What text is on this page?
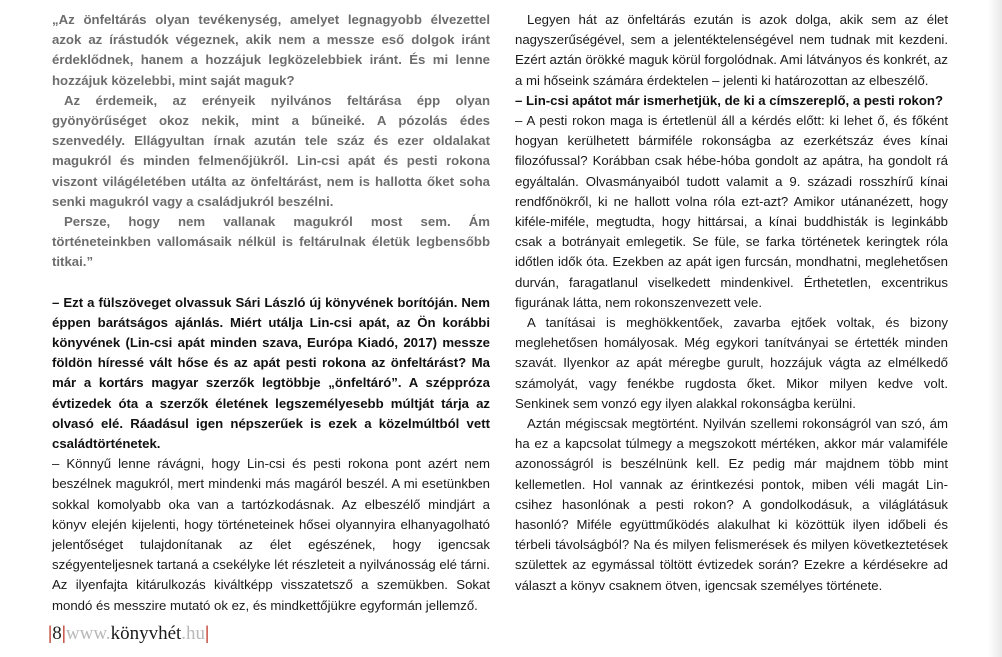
„Az önfeltárás olyan tevékenység, amelyet legnagyobb élvezettel azok az írástudók végeznek, akik nem a messze eső dolgok iránt érdeklődnek, hanem a hozzájuk legközelebbiek iránt. És mi lenne hozzájuk közelebbi, mint saját maguk?

Az érdemeik, az erényeik nyilvános feltárása épp olyan gyönyörűséget okoz nekik, mint a bűneiké. A pózolás édes szenvedély. Ellágyultan írnak azután tele száz és ezer oldalakat magukról és minden felmenőjükről. Lin-csi apát és pesti rokona viszont világéletében utálta az önfeltárást, nem is hallotta őket soha senki magukról vagy a családjukról beszélni.

Persze, hogy nem vallanak magukról most sem. Ám történeteinkben vallomásaik nélkül is feltárulnak életük legbensőbb titkai.”

– Ezt a fülszöveget olvassuk Sári László új könyvének borítóján. Nem éppen barátságos ajánlás. Miért utálja Lin-csi apát, az Ön korábbi könyvének (Lin-csi apát minden szava, Európa Kiadó, 2017) messze földön híressé vált hőse és az apát pesti rokona az önfeltárást? Ma már a kortárs magyar szerzők legtöbbje „önfeltáró”. A széppróza évtizedek óta a szerzők életének legszemélyesebb múltját tárja az olvasó elé. Ráadásul igen népszerűek is ezek a közelmúltból vett családtörténetek.

– Könnyű lenne rávágni, hogy Lin-csi és pesti rokona pont azért nem beszélnek magukról, mert mindenki más magáról beszél. A mi esetünkben sokkal komolyabb oka van a tartózkodásnak. Az elbeszélő mindjárt a könyv elején kijelenti, hogy történeteinek hősei olyannyira elhanyagolható jelentőséget tulajdonítanak az élet egészének, hogy igencsak szégyenteljesnek tartaná a csekélyke lét részleteit a nyilvánosság elé tárni. Az ilyenfajta kitárulkozás kiváltképp visszatetsző a szemükben. Sokat mondó és messzire mutató ok ez, és mindkettőjükre egyformán jellemző.

Legyen hát az önfeltárás ezután is azok dolga, akik sem az élet nagyszerűségével, sem a jelentéktelenségével nem tudnak mit kezdeni. Ezért aztán örökké maguk körül forgolódnak. Ami látványos és konkrét, az a mi hőseink számára érdektelen – jelenti ki határozottan az elbeszélő.

– Lin-csi apátot már ismerhetjük, de ki a címszereplő, a pesti rokon?

– A pesti rokon maga is értetlenül áll a kérdés előtt: ki lehet ő, és főként hogyan kerülhetett bármiféle rokonságba az ezerkétszáz éves kínai filozófussal? Korábban csak hébe-hóba gondolt az apátra, ha gondolt rá egyáltalán. Olvasmányaiból tudott valamit a 9. századi rosszhírű kínai rendfőnökről, ki ne hallott volna róla ezt-azt? Amikor utánanézett, hogy kiféle-miféle, megtudta, hogy hittársai, a kínai buddhisták is leginkább csak a botrányait emlegetik. Se füle, se farka történetek keringtek róla időtlen idők óta. Ezekben az apát igen furcsán, mondhatni, meglehetősen durván, faragatlanul viselkedett mindenkivel. Érthetetlen, excentrikus figurának látta, nem rokonszenvezett vele.

A tanításai is meghökkentőek, zavarba ejtőek voltak, és bizony meglehetősen homályosak. Még egykori tanítványai se értették minden szavát. Ilyenkor az apát méregbe gurult, hozzájuk vágta az elmélkedő számolyát, vagy fenékbe rugdosta őket. Mikor milyen kedve volt. Senkinek sem vonzó egy ilyen alakkal rokonságba kerülni.

Aztán mégiscsak megtörtént. Nyilván szellemi rokonságról van szó, ám ha ez a kapcsolat túlmegy a megszokott mértéken, akkor már valamiféle azonosságról is beszélnünk kell. Ez pedig már majdnem több mint kellemetlen. Hol vannak az érintkezési pontok, miben véli magát Lin-csihez hasonlónak a pesti rokon? A gondolkodásuk, a világlátásuk hasonló? Miféle együttműködés alakulhat ki közöttük ilyen időbeli és térbeli távolságból? Na és milyen felismerések és milyen következtetések születtek az egymással töltött évtizedek során? Ezekre a kérdésekre ad választ a könyv csaknem ötven, igencsak személyes története.

|8|www.könyvhét.hu|
